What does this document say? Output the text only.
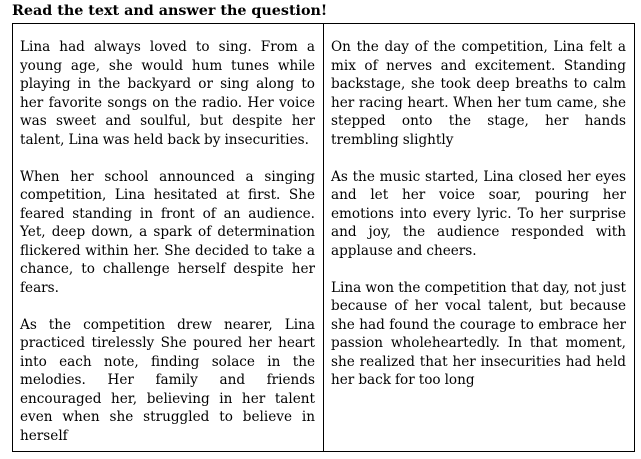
Read the text and answer the question!

Lina had always loved to sing. From a young age, she would hum tunes while playing in the backyard or sing along to her favorite songs on the radio. Her voice was sweet and soulful, but despite her talent, Lina was held back by insecurities.

When her school announced a singing competition, Lina hesitated at first. She feared standing in front of an audience. Yet, deep down, a spark of determination flickered within her. She decided to take a chance, to challenge herself despite her fears.

As the competition drew nearer, Lina practiced tirelessly She poured her heart into each note, finding solace in the melodies. Her family and friends encouraged her, believing in her talent even when she struggled to believe in herself

On the day of the competition, Lina felt a mix of nerves and excitement. Standing backstage, she took deep breaths to calm her racing heart. When her tum came, she stepped onto the stage, her hands trembling slightly

As the music started, Lina closed her eyes and let her voice soar, pouring her emotions into every lyric. To her surprise and joy, the audience responded with applause and cheers.

Lina won the competition that day, not just because of her vocal talent, but because she had found the courage to embrace her passion wholeheartedly. In that moment, she realized that her insecurities had held her back for too long
